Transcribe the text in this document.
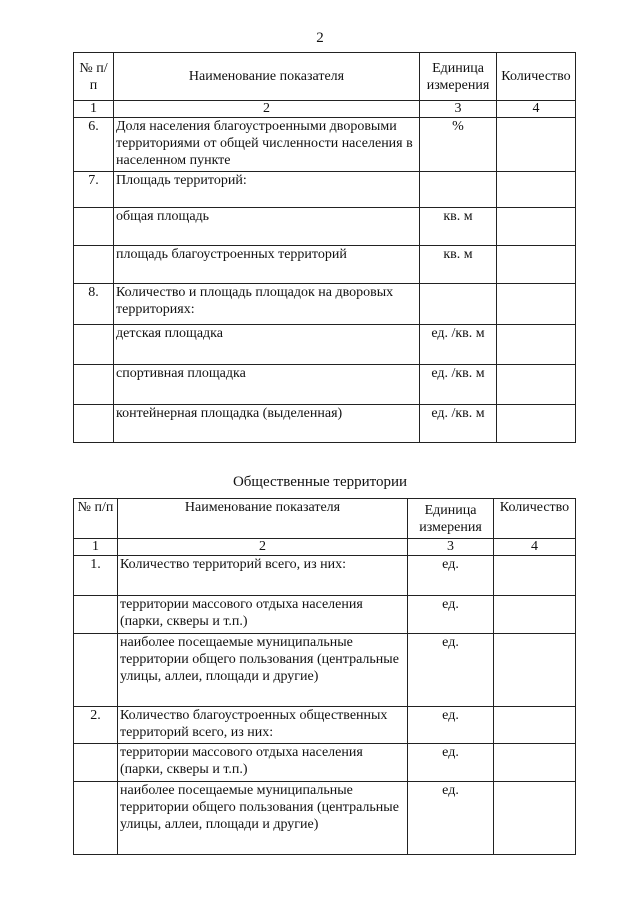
2
№ п/п	Наименование показателя	Единица измерения	Количество
1	2	3	4
6.	Доля населения благоустроенными дворовыми территориями от общей численности населения в населенном пункте	%	
7.	Площадь территорий:		
	общая площадь	кв. м	
	площадь благоустроенных территорий	кв. м	
8.	Количество и площадь площадок на дворовых территориях:		
	детская площадка	ед. /кв. м	
	спортивная площадка	ед. /кв. м	
	контейнерная площадка (выделенная)	ед. /кв. м	
Общественные территории
№ п/п	Наименование показателя	Единица измерения	Количество
1	2	3	4
1.	Количество территорий всего, из них:	ед.	
	территории массового отдыха населения (парки, скверы и т.п.)	ед.	
	наиболее посещаемые муниципальные территории общего пользования (центральные улицы, аллеи, площади и другие)	ед.	
2.	Количество благоустроенных общественных территорий всего, из них:	ед.	
	территории массового отдыха населения (парки, скверы и т.п.)	ед.	
	наиболее посещаемые муниципальные территории общего пользования (центральные улицы, аллеи, площади и другие)	ед.	
